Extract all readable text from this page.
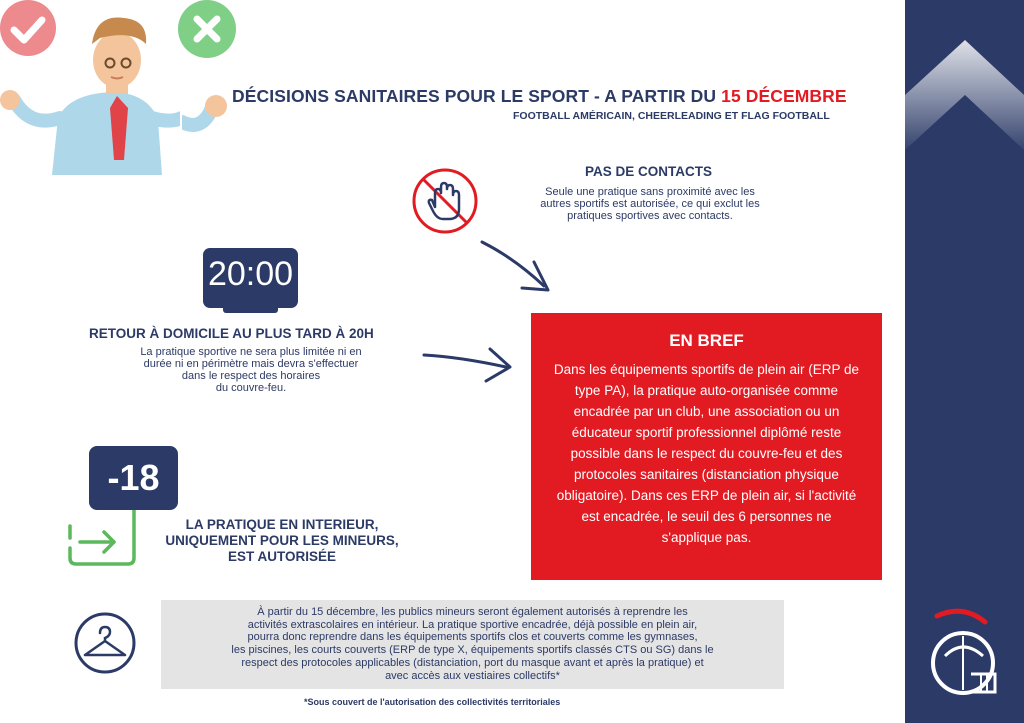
DÉCISIONS SANITAIRES POUR LE SPORT - A PARTIR DU 15 DÉCEMBRE
FOOTBALL AMÉRICAIN, CHEERLEADING ET FLAG FOOTBALL
PAS DE CONTACTS
Seule une pratique sans proximité avec les
autres sportifs est autorisée, ce qui exclut les
pratiques sportives avec contacts.
20:00
RETOUR À DOMICILE AU PLUS TARD À 20H
La pratique sportive ne sera plus limitée ni en
durée ni en périmètre mais devra s'effectuer
dans le respect des horaires
du couvre-feu.
EN BREF

Dans les équipements sportifs de plein air (ERP de type PA), la pratique auto-organisée comme encadrée par un club, une association ou un éducateur sportif professionnel diplômé reste possible dans le respect du couvre-feu et des protocoles sanitaires (distanciation physique obligatoire). Dans ces ERP de plein air, si l'activité est encadrée, le seuil des 6 personnes ne s'applique pas.

-18
LA PRATIQUE EN INTERIEUR,
UNIQUEMENT POUR LES MINEURS,
EST AUTORISÉE

À partir du 15 décembre, les publics mineurs seront également autorisés à reprendre les
activités extrascolaires en intérieur. La pratique sportive encadrée, déjà possible en plein air,
pourra donc reprendre dans les équipements sportifs clos et couverts comme les gymnases,
les piscines, les courts couverts (ERP de type X, équipements sportifs classés CTS ou SG) dans le
respect des protocoles applicables (distanciation, port du masque avant et après la pratique) et
avec accès aux vestiaires collectifs*

*Sous couvert de l'autorisation des collectivités territoriales
